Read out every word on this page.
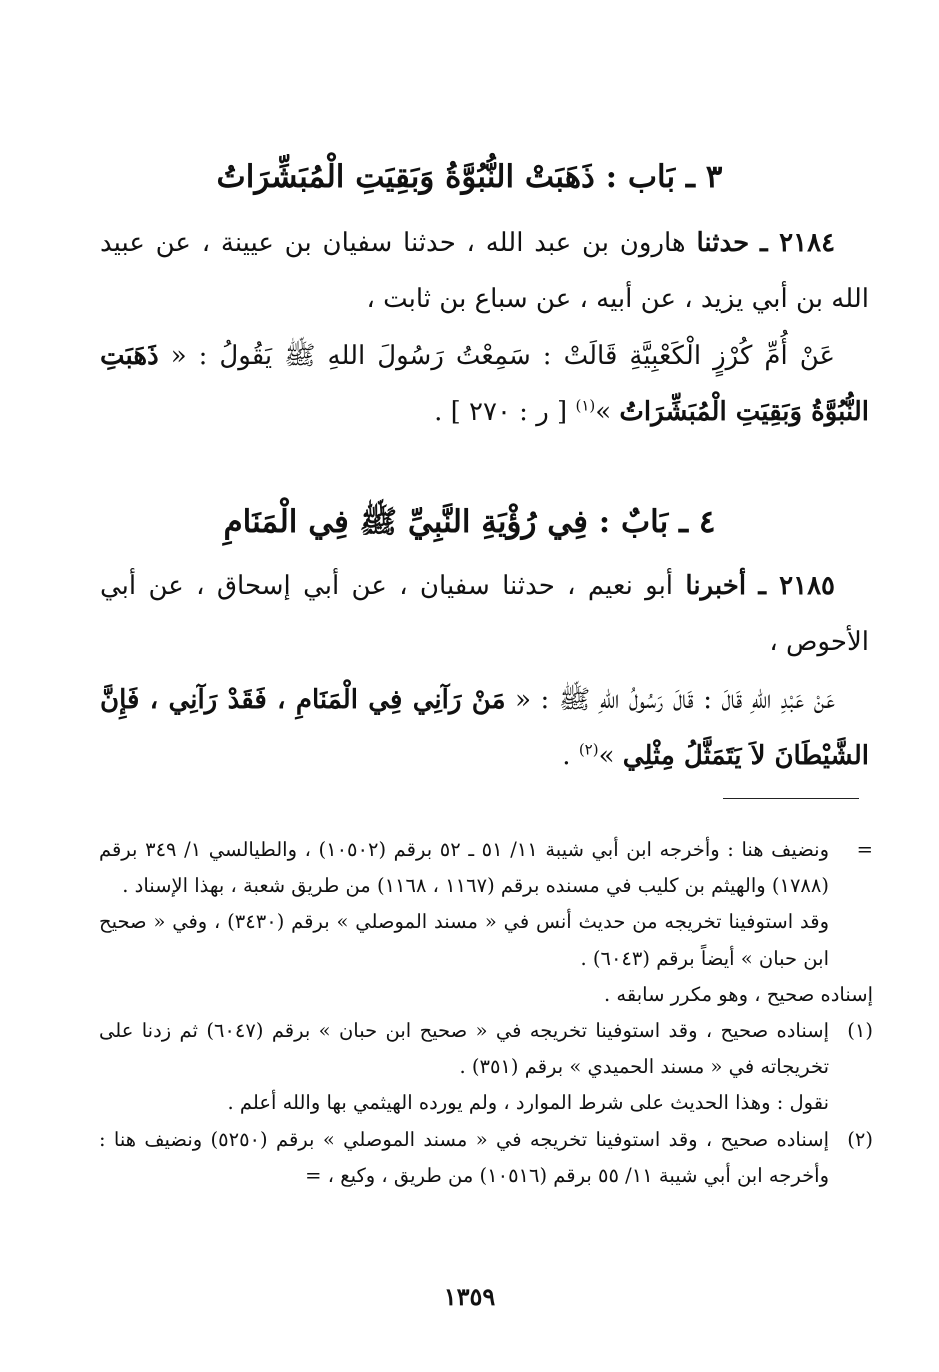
٣ ـ بَاب : ذَهَبَتْ النُّبُوَّةُ وَبَقِيَتِ الْمُبَشِّرَاتُ
٢١٨٤ ـ حدثنا هارون بن عبد الله ، حدثنا سفيان بن عيينة ، عن عبيد الله بن أبي يزيد ، عن أبيه ، عن سباع بن ثابت ،
عَنْ أُمِّ كُرْزٍ الْكَعْبِيَّةِ قَالَتْ : سَمِعْتُ رَسُولَ اللهِ ﷺ يَقُولُ : « ذَهَبَتِ النُّبُوَّةُ وَبَقِيَتِ الْمُبَشِّرَاتُ »$^{(١)}$ [ ر : ٢٧٠ ] .
٤ ـ بَابٌ : فِي رُؤْيَةِ النَّبِيِّ ﷺ فِي الْمَنَامِ
٢١٨٥ ـ أخبرنا أبو نعيم ، حدثنا سفيان ، عن أبي إسحاق ، عن أبي الأحوص ،
عَنْ عَبْدِ اللهِ قَالَ : قَالَ رَسُولُ اللهِ ﷺ : « مَنْ رَآنِي فِي الْمَنَامِ ، فَقَدْ رَآنِي ، فَإِنَّ الشَّيْطَانَ لاَ يَتَمَثَّلُ مِثْلِي »$^{(٢)}$ .
=
ونضيف هنا : وأخرجه ابن أبي شيبة ١١/ ٥١ ـ ٥٢ برقم (١٠٥٠٢) ، والطيالسي ١/ ٣٤٩ برقم (١٧٨٨) والهيثم بن كليب في مسنده برقم (١١٦٧ ، ١١٦٨) من طريق شعبة ، بهذا الإسناد .
وقد استوفينا تخريجه من حديث أنس في « مسند الموصلي » برقم (٣٤٣٠) ، وفي « صحيح ابن حبان » أيضاً برقم (٦٠٤٣) .
إسناده صحيح ، وهو مكرر سابقه .
(١)
إسناده صحيح ، وقد استوفينا تخريجه في « صحيح ابن حبان » برقم (٦٠٤٧) ثم زدنا على تخريجاته في « مسند الحميدي » برقم (٣٥١) .
نقول : وهذا الحديث على شرط الموارد ، ولم يورده الهيثمي بها والله أعلم .
(٢)
إسناده صحيح ، وقد استوفينا تخريجه في « مسند الموصلي » برقم (٥٢٥٠) ونضيف هنا : وأخرجه ابن أبي شيبة ١١/ ٥٥ برقم (١٠٥١٦) من طريق ، وكيع ، =
١٣٥٩
